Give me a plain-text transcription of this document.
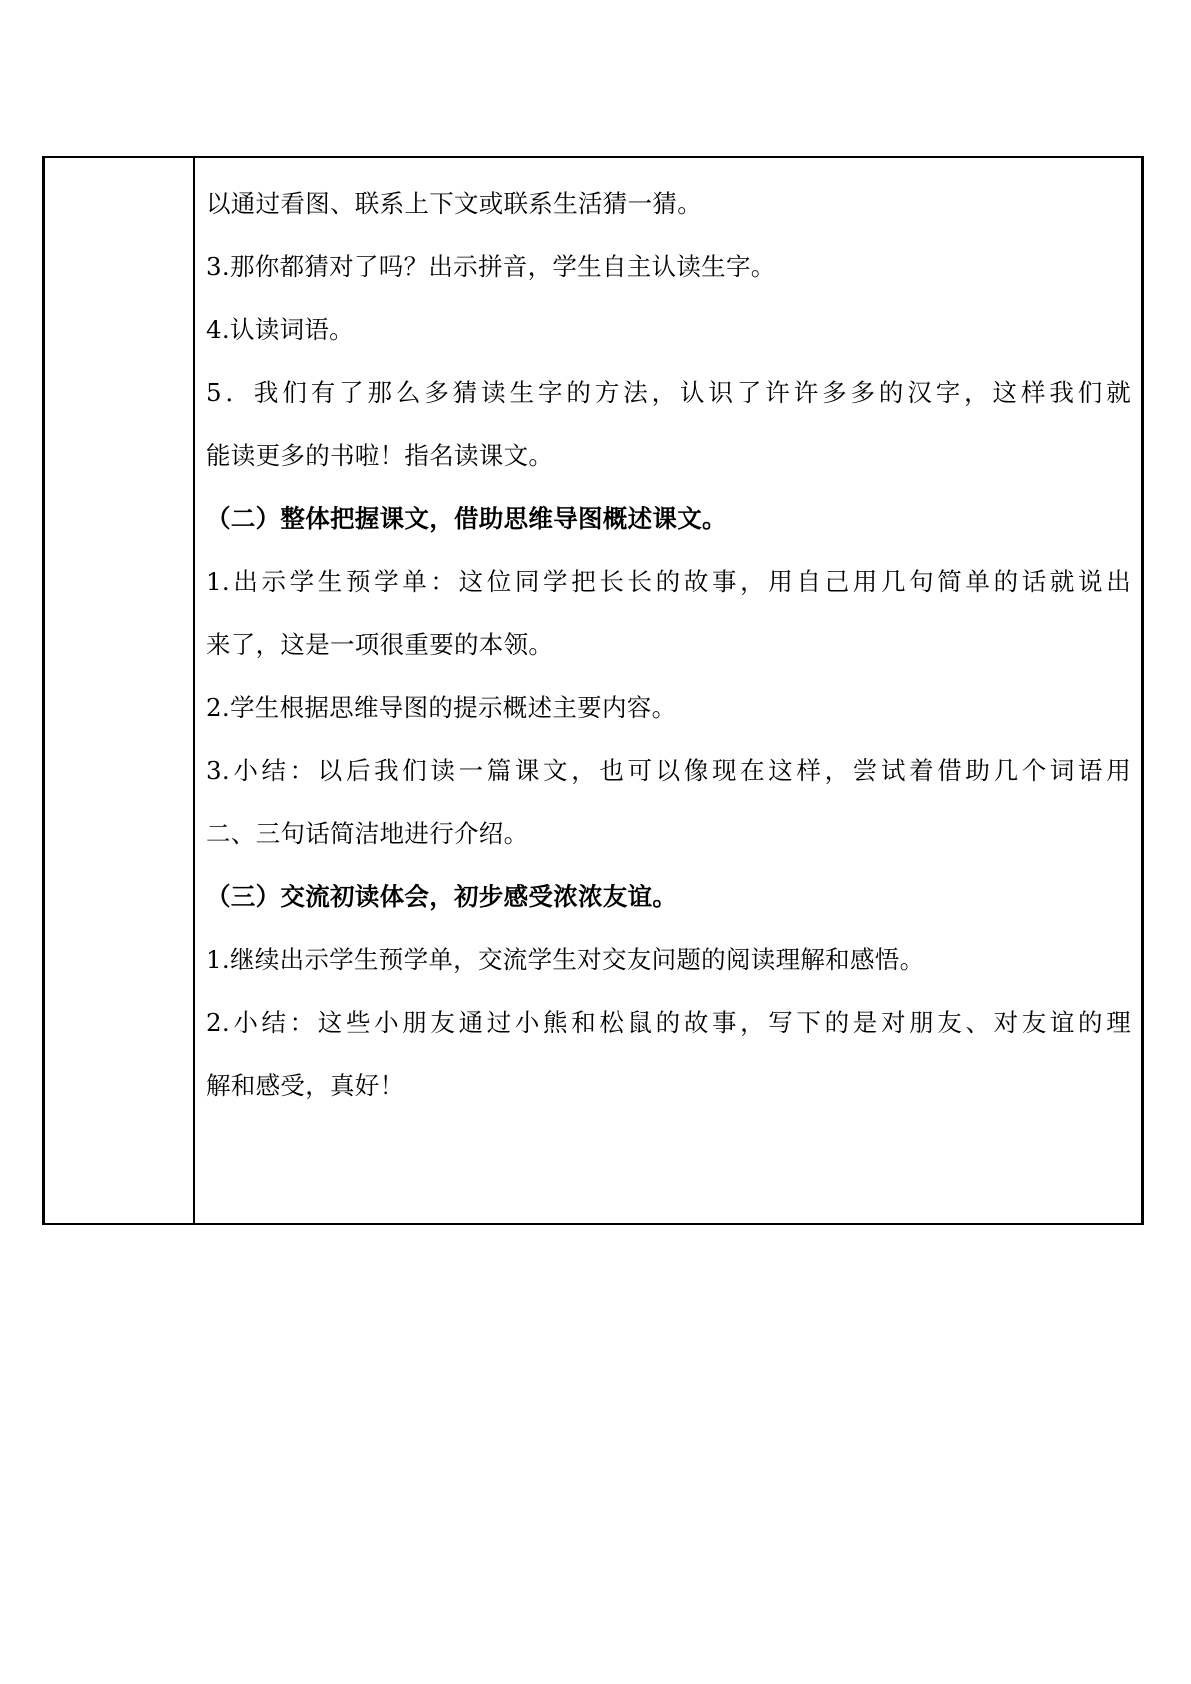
以通过看图、联系上下文或联系生活猜一猜。
3.那你都猜对了吗？出示拼音，学生自主认读生字。
4.认读词语。
5．我们有了那么多猜读生字的方法，认识了许许多多的汉字，这样我们就
能读更多的书啦！指名读课文。
（二）整体把握课文，借助思维导图概述课文。
1.出示学生预学单：这位同学把长长的故事，用自己用几句简单的话就说出
来了，这是一项很重要的本领。
2.学生根据思维导图的提示概述主要内容。
3.小结：以后我们读一篇课文，也可以像现在这样，尝试着借助几个词语用
二、三句话简洁地进行介绍。
（三）交流初读体会，初步感受浓浓友谊。
1.继续出示学生预学单，交流学生对交友问题的阅读理解和感悟。
2.小结：这些小朋友通过小熊和松鼠的故事，写下的是对朋友、对友谊的理
解和感受，真好！
